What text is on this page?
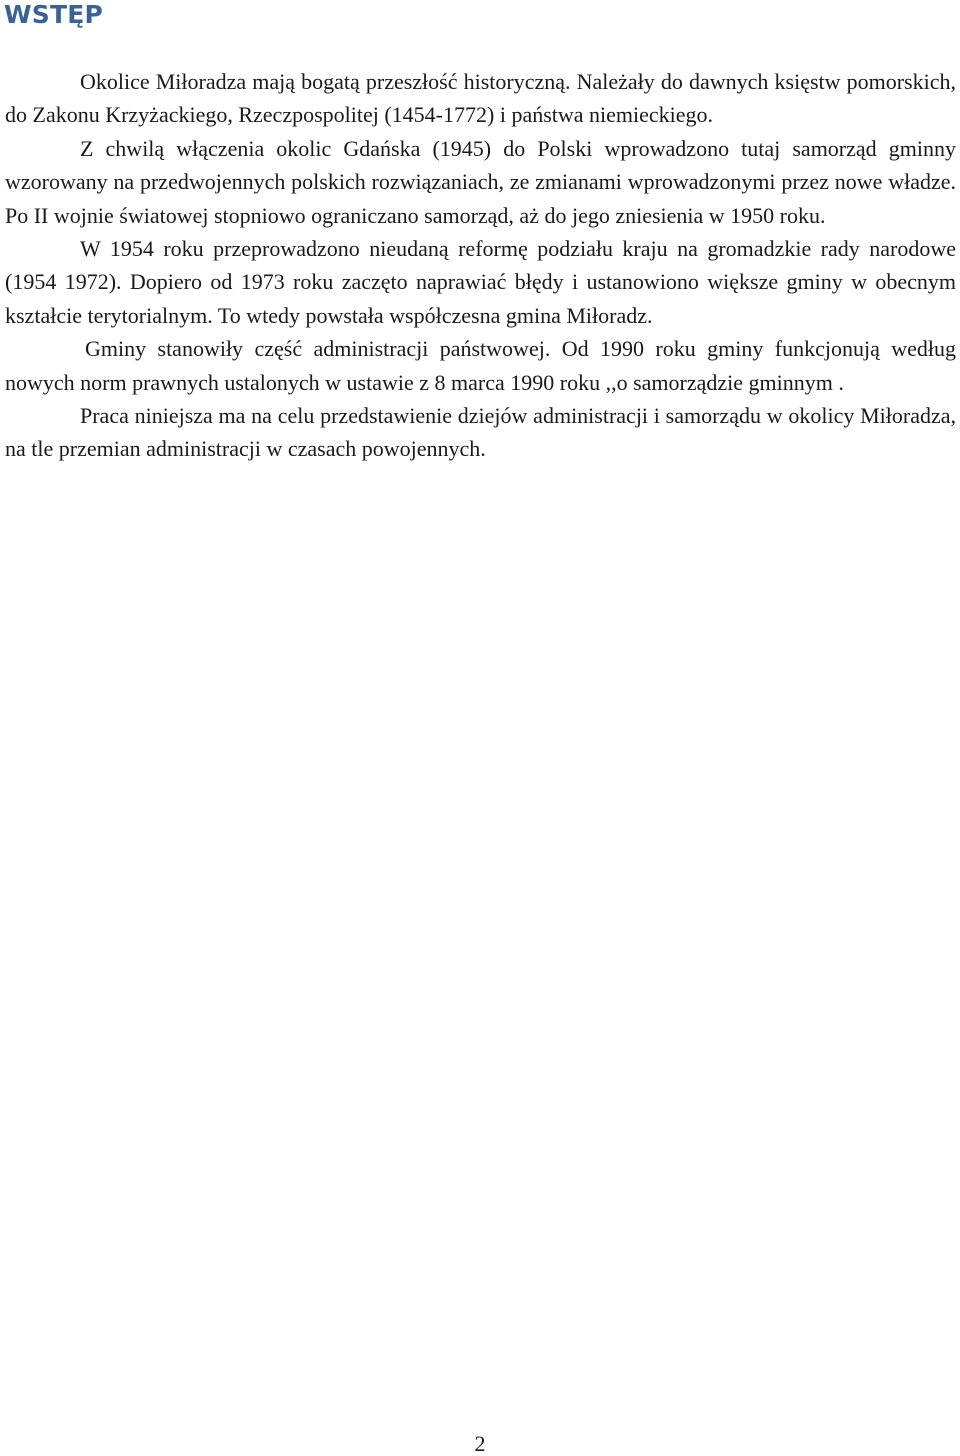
WSTĘP

Okolice Miłoradza mają bogatą przeszłość historyczną. Należały do dawnych księstw pomorskich, do Zakonu Krzyżackiego, Rzeczpospolitej (1454-1772) i państwa niemieckiego.

Z chwilą włączenia okolic Gdańska (1945) do Polski wprowadzono tutaj samorząd gminny wzorowany na przedwojennych polskich rozwiązaniach, ze zmianami wprowadzonymi przez nowe władze. Po II wojnie światowej stopniowo ograniczano samorząd, aż do jego zniesienia w 1950 roku.

W 1954 roku przeprowadzono nieudaną reformę podziału kraju na gromadzkie rady narodowe (1954 1972). Dopiero od 1973 roku zaczęto naprawiać błędy i ustanowiono większe gminy w obecnym kształcie terytorialnym. To wtedy powstała współczesna gmina Miłoradz.

Gminy stanowiły część administracji państwowej. Od 1990 roku gminy funkcjonują według nowych norm prawnych ustalonych w ustawie z 8 marca 1990 roku ,,o samorządzie gminnym .

Praca niniejsza ma na celu przedstawienie dziejów administracji i samorządu w okolicy Miłoradza, na tle przemian administracji w czasach powojennych.

2
